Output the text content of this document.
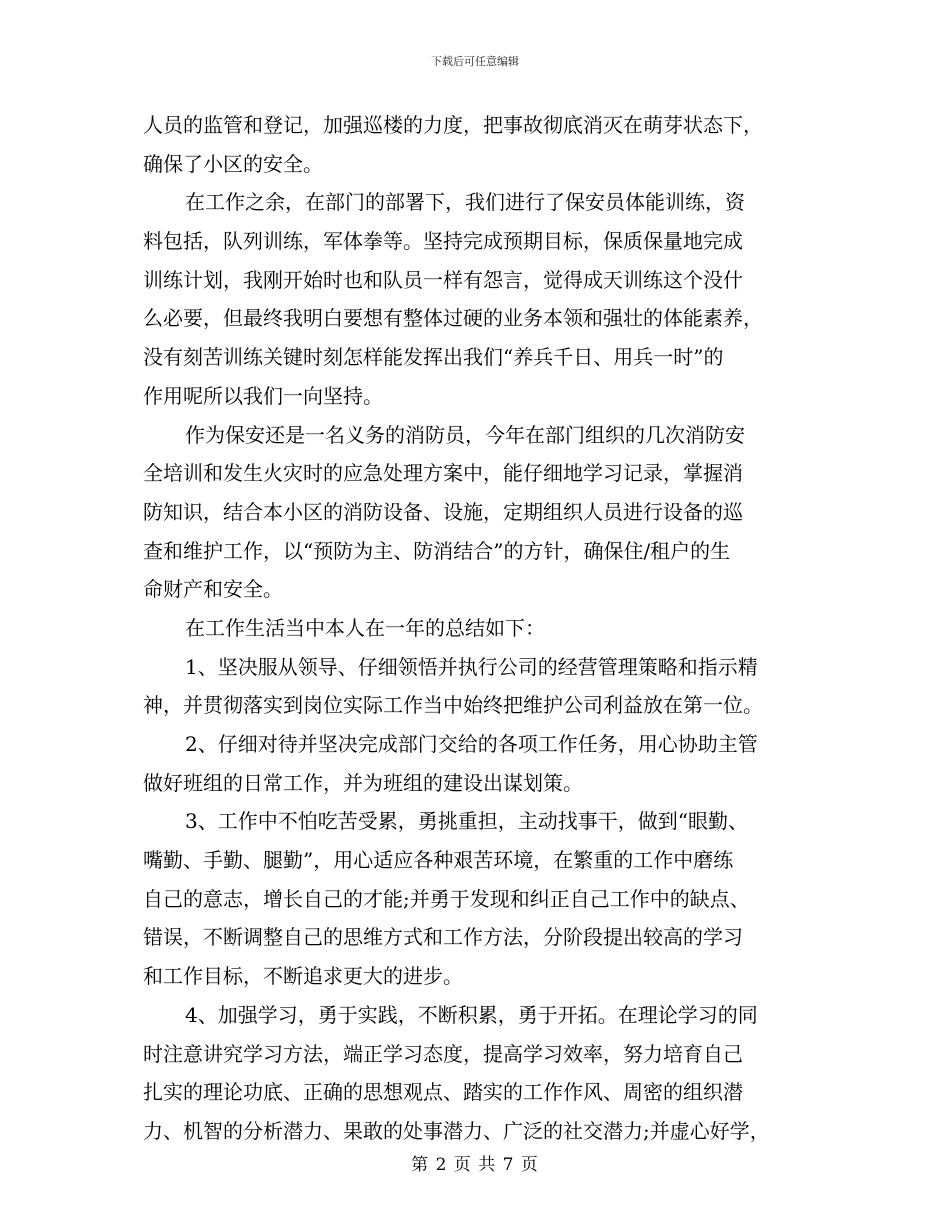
下载后可任意编辑
人员的监管和登记，加强巡楼的力度，把事故彻底消灭在萌芽状态下，
确保了小区的安全。
在工作之余，在部门的部署下，我们进行了保安员体能训练，资
料包括，队列训练，军体拳等。坚持完成预期目标，保质保量地完成
训练计划，我刚开始时也和队员一样有怨言，觉得成天训练这个没什
么必要，但最终我明白要想有整体过硬的业务本领和强壮的体能素养，
没有刻苦训练关键时刻怎样能发挥出我们“养兵千日、用兵一时”的
作用呢所以我们一向坚持。
作为保安还是一名义务的消防员，今年在部门组织的几次消防安
全培训和发生火灾时的应急处理方案中，能仔细地学习记录，掌握消
防知识，结合本小区的消防设备、设施，定期组织人员进行设备的巡
查和维护工作，以“预防为主、防消结合”的方针，确保住/租户的生
命财产和安全。
在工作生活当中本人在一年的总结如下：
1、坚决服从领导、仔细领悟并执行公司的经营管理策略和指示精
神，并贯彻落实到岗位实际工作当中始终把维护公司利益放在第一位。
2、仔细对待并坚决完成部门交给的各项工作任务，用心协助主管
做好班组的日常工作，并为班组的建设出谋划策。
3、工作中不怕吃苦受累，勇挑重担，主动找事干，做到“眼勤、
嘴勤、手勤、腿勤”，用心适应各种艰苦环境，在繁重的工作中磨练
自己的意志，增长自己的才能;并勇于发现和纠正自己工作中的缺点、
错误，不断调整自己的思维方式和工作方法，分阶段提出较高的学习
和工作目标，不断追求更大的进步。
4、加强学习，勇于实践，不断积累，勇于开拓。在理论学习的同
时注意讲究学习方法，端正学习态度，提高学习效率，努力培育自己
扎实的理论功底、正确的思想观点、踏实的工作作风、周密的组织潜
力、机智的分析潜力、果敢的处事潜力、广泛的社交潜力;并虚心好学，
第 2 页 共 7 页
